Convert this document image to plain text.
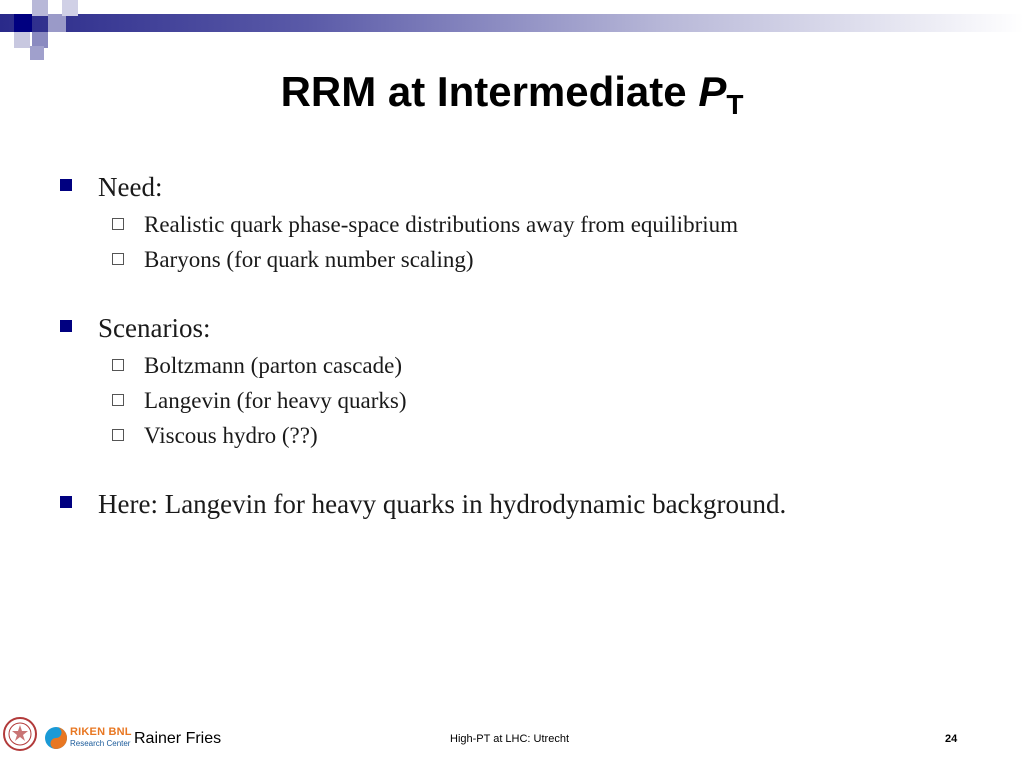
RRM at Intermediate $P_T$
Need:
Realistic quark phase-space distributions away from equilibrium
Baryons (for quark number scaling)
Scenarios:
Boltzmann (parton cascade)
Langevin (for heavy quarks)
Viscous hydro (??)
Here: Langevin for heavy quarks in hydrodynamic background.
RIKEN BNL
Research Center Rainer Fries	High-PT at LHC: Utrecht	24
